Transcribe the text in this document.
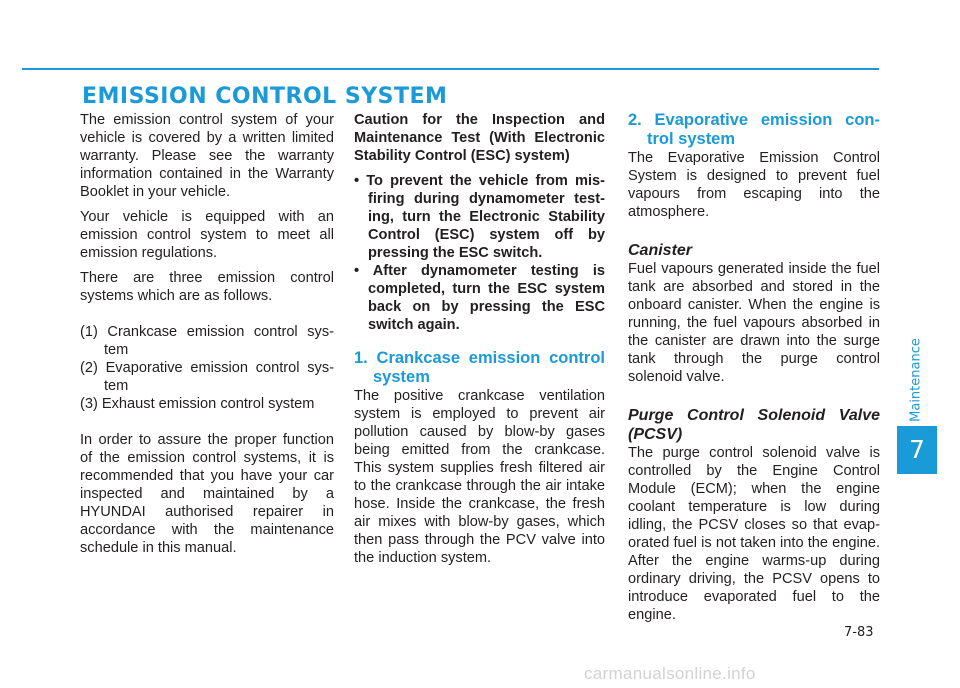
EMISSION CONTROL SYSTEM

The emission control system of your vehicle is covered by a written limited warranty. Please see the warranty information contained in the Warranty Booklet in your vehicle.

Your vehicle is equipped with an emission control system to meet all emission regulations.

There are three emission control systems which are as follows.

(1) Crankcase emission control sys-tem

(2) Evaporative emission control sys-tem

(3) Exhaust emission control system

In order to assure the proper function of the emission control systems, it is recommended that you have your car inspected and maintained by a HYUNDAI authorised repairer in accordance with the maintenance schedule in this manual.

Caution for the Inspection and Maintenance Test (With Electronic Stability Control (ESC) system)

• To prevent the vehicle from mis-firing during dynamometer test-ing, turn the Electronic Stability Control (ESC) system off by pressing the ESC switch.

• After dynamometer testing is completed, turn the ESC system back on by pressing the ESC switch again.

1. Crankcase emission control system

The positive crankcase ventilation system is employed to prevent air pollution caused by blow-by gases being emitted from the crankcase. This system supplies fresh filtered air to the crankcase through the air intake hose. Inside the crankcase, the fresh air mixes with blow-by gases, which then pass through the PCV valve into the induction system.

2. Evaporative emission con-trol system

The Evaporative Emission Control System is designed to prevent fuel vapours from escaping into the atmosphere.

Canister

Fuel vapours generated inside the fuel tank are absorbed and stored in the onboard canister. When the engine is running, the fuel vapours absorbed in the canister are drawn into the surge tank through the purge control solenoid valve.

Purge Control Solenoid Valve (PCSV)

The purge control solenoid valve is controlled by the Engine Control Module (ECM); when the engine coolant temperature is low during idling, the PCSV closes so that evap-orated fuel is not taken into the engine. After the engine warms-up during ordinary driving, the PCSV opens to introduce evaporated fuel to the engine.

Maintenance
7
7-83
carmanualsonline.info
